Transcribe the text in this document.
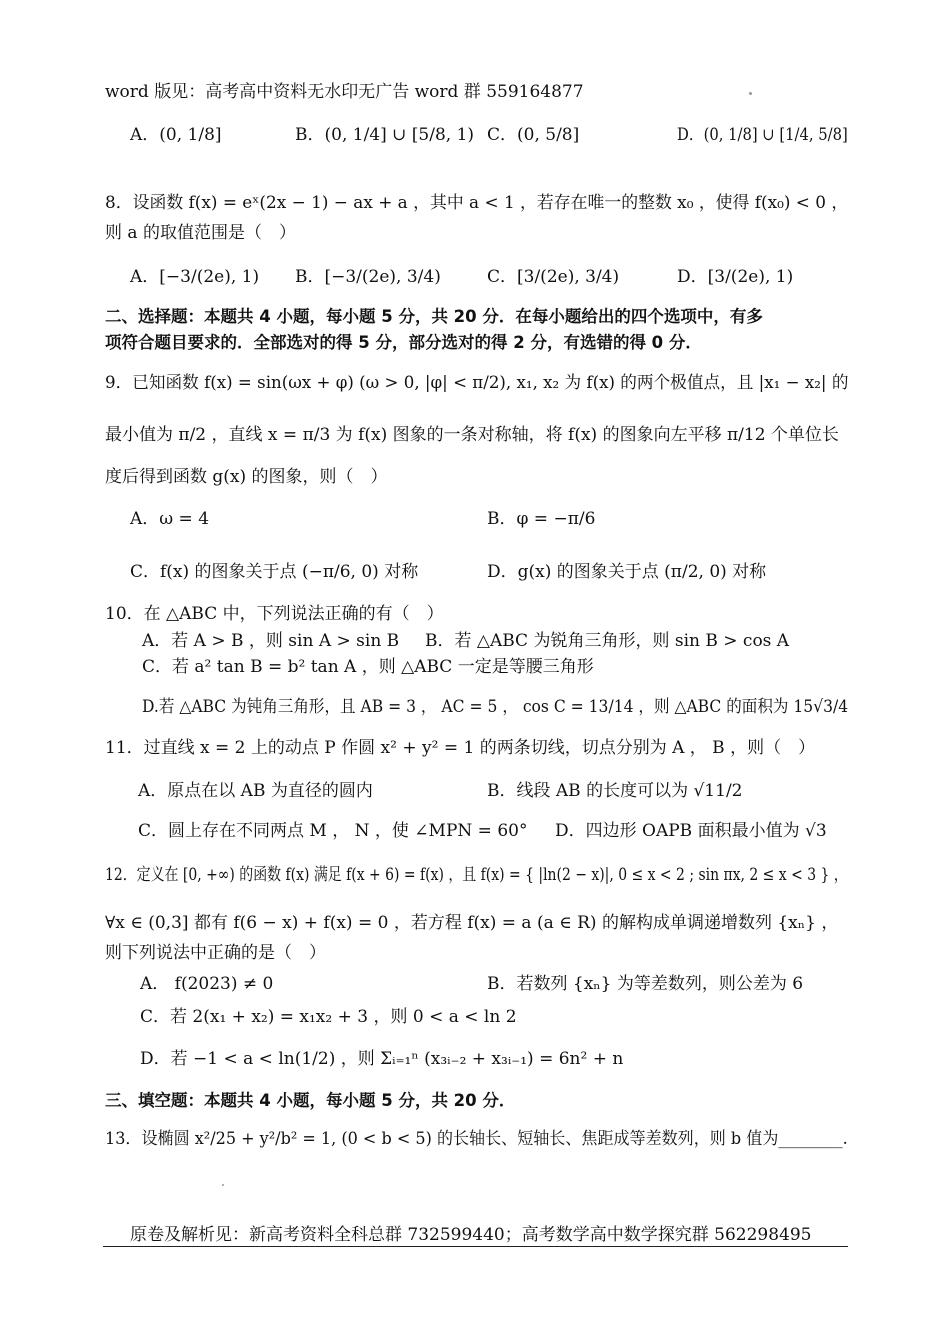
word 版见：高考高中资料无水印无广告 word 群 559164877
A．(0, 1/8]	B．(0, 1/4] ∪ [5/8, 1) C．(0, 5/8]	D．(0, 1/8] ∪ [1/4, 5/8]
8．设函数 f(x) = eˣ(2x − 1) − ax + a ，其中 a < 1 ，若存在唯一的整数 x₀ ，使得 f(x₀) < 0 ，
则 a 的取值范围是（　）
A．[−3/(2e), 1) B．[−3/(2e), 3/4)	C．[3/(2e), 3/4)	D．[3/(2e), 1)
二、选择题：本题共 4 小题，每小题 5 分，共 20 分．在每小题给出的四个选项中，有多
项符合题目要求的．全部选对的得 5 分，部分选对的得 2 分，有选错的得 0 分．
9．已知函数 f(x) = sin(ωx + φ) (ω > 0, |φ| < π/2), x₁, x₂ 为 f(x) 的两个极值点，且 |x₁ − x₂| 的
最小值为 π/2 ，直线 x = π/3 为 f(x) 图象的一条对称轴，将 f(x) 的图象向左平移 π/12 个单位长
度后得到函数 g(x) 的图象，则（　）
A．ω = 4	B．φ = −π/6
C．f(x) 的图象关于点 (−π/6, 0) 对称	D．g(x) 的图象关于点 (π/2, 0) 对称
10．在 △ABC 中，下列说法正确的有（　）
A．若 A > B ，则 sin A > sin B B．若 △ABC 为锐角三角形，则 sin B > cos A
C．若 a² tan B = b² tan A ，则 △ABC 一定是等腰三角形
D.若 △ABC 为钝角三角形，且 AB = 3 ， AC = 5 ， cos C = 13/14 ，则 △ABC 的面积为 15√3/4
11．过直线 x = 2 上的动点 P 作圆 x² + y² = 1 的两条切线，切点分别为 A ， B ，则（　）
A．原点在以 AB 为直径的圆内	B．线段 AB 的长度可以为 √11/2
C．圆上存在不同两点 M ， N ，使 ∠MPN = 60° D．四边形 OAPB 面积最小值为 √3
12．定义在 [0, +∞) 的函数 f(x) 满足 f(x + 6) = f(x) ，且 f(x) = { |ln(2 − x)|, 0 ≤ x < 2 ; sin πx, 2 ≤ x < 3 } ，
∀x ∈ (0,3] 都有 f(6 − x) + f(x) = 0 ，若方程 f(x) = a (a ∈ R) 的解构成单调递增数列 {xₙ} ，
则下列说法中正确的是（　）
A． f(2023) ≠ 0	B．若数列 {xₙ} 为等差数列，则公差为 6
C．若 2(x₁ + x₂) = x₁x₂ + 3 ，则 0 < a < ln 2
D．若 −1 < a < ln(1/2) ，则 Σᵢ₌₁ⁿ (x₃ᵢ₋₂ + x₃ᵢ₋₁) = 6n² + n
三、填空题：本题共 4 小题，每小题 5 分，共 20 分．
13．设椭圆 x²/25 + y²/b² = 1, (0 < b < 5) 的长轴长、短轴长、焦距成等差数列，则 b 值为________.
原卷及解析见：新高考资料全科总群 732599440；高考数学高中数学探究群 562298495
